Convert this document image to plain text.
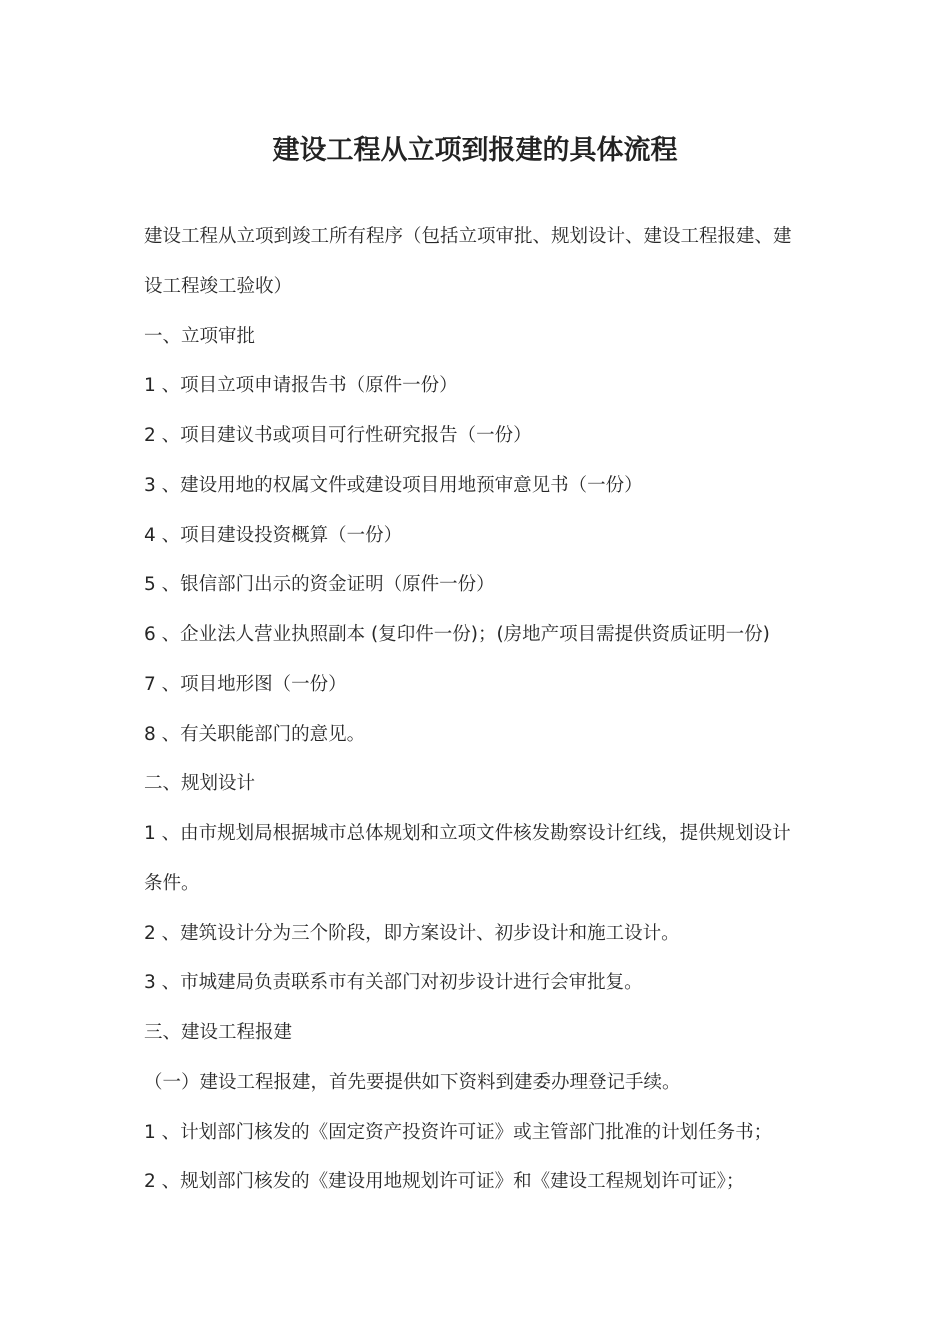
建设工程从立项到报建的具体流程

建设工程从立项到竣工所有程序（包括立项审批、规划设计、建设工程报建、建

设工程竣工验收）

一、立项审批

1 、项目立项申请报告书（原件一份）

2 、项目建议书或项目可行性研究报告（一份）

3 、建设用地的权属文件或建设项目用地预审意见书（一份）

4 、项目建设投资概算（一份）

5 、银信部门出示的资金证明（原件一份）

6 、企业法人营业执照副本 (复印件一份)；(房地产项目需提供资质证明一份)

7 、项目地形图（一份）

8 、有关职能部门的意见。

二、规划设计

1 、由市规划局根据城市总体规划和立项文件核发勘察设计红线，提供规划设计

条件。

2 、建筑设计分为三个阶段，即方案设计、初步设计和施工设计。

3 、市城建局负责联系市有关部门对初步设计进行会审批复。

三、建设工程报建

（一）建设工程报建，首先要提供如下资料到建委办理登记手续。

1 、计划部门核发的《固定资产投资许可证》或主管部门批准的计划任务书；

2 、规划部门核发的《建设用地规划许可证》和《建设工程规划许可证》；
